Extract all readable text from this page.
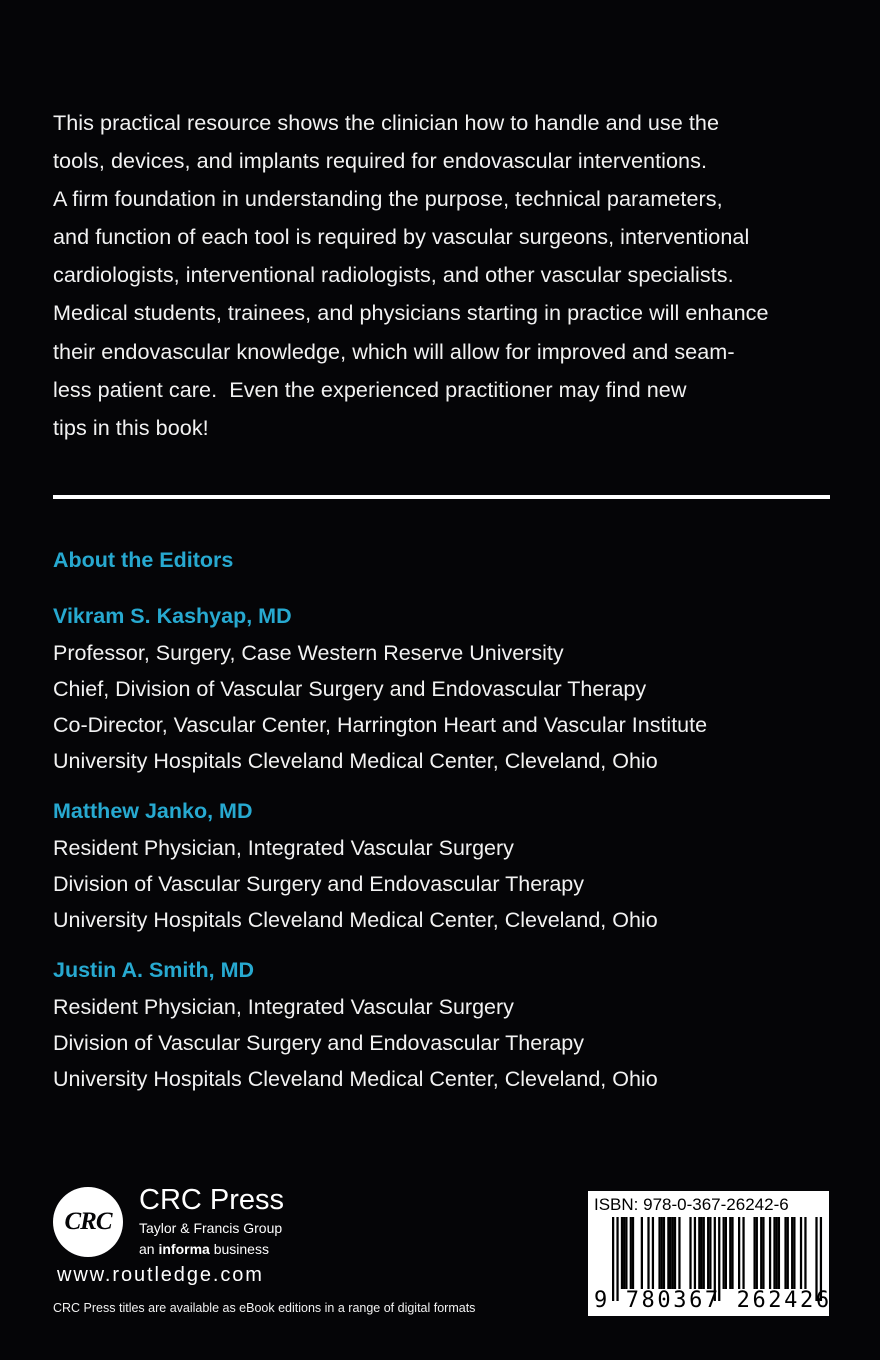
This practical resource shows the clinician how to handle and use the
tools, devices, and implants required for endovascular interventions.
A firm foundation in understanding the purpose, technical parameters,
and function of each tool is required by vascular surgeons, interventional
cardiologists, interventional radiologists, and other vascular specialists.
Medical students, trainees, and physicians starting in practice will enhance
their endovascular knowledge, which will allow for improved and seam-
less patient care.  Even the experienced practitioner may find new
tips in this book!
About the Editors
Vikram S. Kashyap, MD
Professor, Surgery, Case Western Reserve University
Chief, Division of Vascular Surgery and Endovascular Therapy
Co-Director, Vascular Center, Harrington Heart and Vascular Institute
University Hospitals Cleveland Medical Center, Cleveland, Ohio
Matthew Janko, MD
Resident Physician, Integrated Vascular Surgery
Division of Vascular Surgery and Endovascular Therapy
University Hospitals Cleveland Medical Center, Cleveland, Ohio
Justin A. Smith, MD
Resident Physician, Integrated Vascular Surgery
Division of Vascular Surgery and Endovascular Therapy
University Hospitals Cleveland Medical Center, Cleveland, Ohio
CRC
CRC Press
Taylor & Francis Group
an informa business
www.routledge.com
CRC Press titles are available as eBook editions in a range of digital formats
ISBN: 978-0-367-26242-6
9 780367 262426
